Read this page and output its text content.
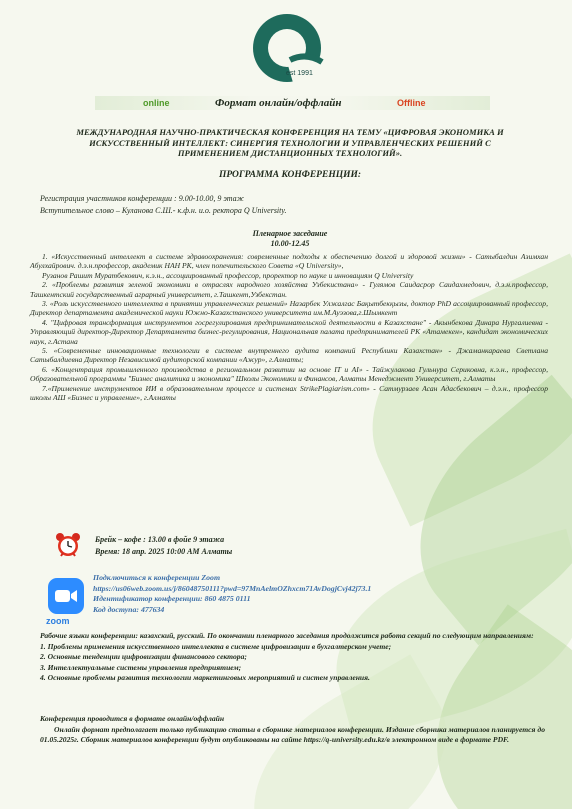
est 1991
online	Формат онлайн/оффлайн	Offline
МЕЖДУНАРОДНАЯ НАУЧНО-ПРАКТИЧЕСКАЯ КОНФЕРЕНЦИЯ НА ТЕМУ «ЦИФРОВАЯ ЭКОНОМИКА И ИСКУССТВЕННЫЙ ИНТЕЛЛЕКТ: СИНЕРГИЯ ТЕХНОЛОГИИ И УПРАВЛЕНЧЕСКИХ РЕШЕНИЙ С ПРИМЕНЕНИЕМ ДИСТАНЦИОННЫХ ТЕХНОЛОГИЙ».
ПРОГРАММА КОНФЕРЕНЦИИ:
Регистрация участников конференции : 9.00-10.00, 9 этаж
Вступительное слово – Куланова С.Ш.- к.ф.н. и.о. ректора Q University.
Пленарное заседание
10.00-12.45

1. «Искусственный интеллект в системе здравоохранения: современные подходы к обеспечению долгой и здоровой жизни» - Сатыбалдин Азимхан Абулхайрович. д.э.н.профессор, академик НАН РК, член попечительского Совета «Q University»,

Рузанов Рашит Муратбекович, к.э.н., ассоциированный профессор, проректор по науке и инновациям Q University

2. «Проблемы развития зеленой экономики в отраслях народного хозяйства Узбекистана» - Гулямов Саидасрор Саидахмедович, д.э.н.профессор, Ташкентский государственный аграрный университет, г.Ташкент,Узбекстан.

3. «Роль искусственного интеллекта в принятии управленческих решений» Назарбек Улжалгас Бақытбекқызы, доктор PhD ассоциированный профессор, Директор департамента академической науки Южно-Казахстанского университета им.М.Ауэзова,г.Шымкент

4. "Цифровая трансформация инструментов госрегулирования предпринимательской деятельности в Казахстане" - Акынбекова Динара Нургалиевна - Управляющий директор-Директор Департамента бизнес-регулирования, Национальная палата предпринимателей РК «Атамекен», кандидат экономических наук, г.Астана

5. «Современные инновационные технологии в системе внутреннего аудита компаний Республики Казахстан» - Джаманкараева Светлана Сатыбалдиевна Директор Независимой аудиторской компании «Ажур», г.Алматы;

6. «Концентрация промышленного производства в региональном развитии на основе IT и AI» - Тайжулакова Гульнура Сериковна, к.э.н., профессор, Образовательной программы "Бизнес аналитика и экономика" Школы Экономики и Финансов, Алматы Менеджмент Университет, г.Алматы

7.«Применение инструментов ИИ в образовательном процессе и системах StrikePlagiarism.com» - Сатмурзаев Асан Адасбекович – д.э.н., профессор школы АШ «Бизнес и управление», г.Алматы

Брейк – кофе : 13.00 в фойе 9 этажа
Время: 18 апр. 2025 10:00 AM Алматы
zoom
Подключиться к конференции Zoom
https://us06web.zoom.us/j/86048750111?pwd=97MnAelmOZhxcm71AvDogjCvj42j73.1
Идентификатор конференции: 860 4875 0111
Код доступа: 477634

Рабочие языки конференции: казахский, русский. По окончании пленарного заседания продолжится работа секций по следующим направлениям:

1. Проблемы применения искусственного интеллекта в системе цифровизации в бухгалтерском учете;

2. Основные тенденции цифровизации финансового сектора;

3. Интеллектуальные системы управления предприятием;

4. Основные проблемы развития технологии маркетинговых мероприятий и систем управления.

Конференция проводится в формате онлайн/оффлайн

Онлайн формат предполагает только публикацию статьи в сборнике материалов конференции. Издание сборника материалов планируется до 01.05.2025г. Сборник материалов конференции будут опубликованы на сайте https://q-university.edu.kz/в электронном виде в формате PDF.
